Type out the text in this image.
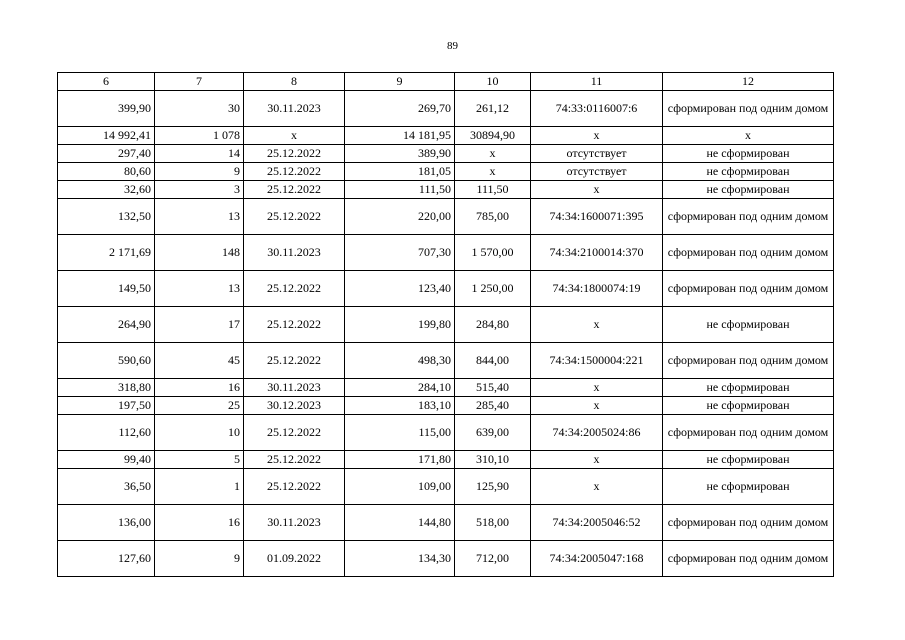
89
6	7	8	9	10	11	12
399,90	30	30.11.2023	269,70	261,12	74:33:0116007:6	сформирован под одним домом
14 992,41	1 078	x	14 181,95	30894,90	x	x
297,40	14	25.12.2022	389,90	x	отсутствует	не сформирован
80,60	9	25.12.2022	181,05	x	отсутствует	не сформирован
32,60	3	25.12.2022	111,50	111,50	x	не сформирован
132,50	13	25.12.2022	220,00	785,00	74:34:1600071:395	сформирован под одним домом
2 171,69	148	30.11.2023	707,30	1 570,00	74:34:2100014:370	сформирован под одним домом
149,50	13	25.12.2022	123,40	1 250,00	74:34:1800074:19	сформирован под одним домом
264,90	17	25.12.2022	199,80	284,80	x	не сформирован
590,60	45	25.12.2022	498,30	844,00	74:34:1500004:221	сформирован под одним домом
318,80	16	30.11.2023	284,10	515,40	x	не сформирован
197,50	25	30.12.2023	183,10	285,40	x	не сформирован
112,60	10	25.12.2022	115,00	639,00	74:34:2005024:86	сформирован под одним домом
99,40	5	25.12.2022	171,80	310,10	x	не сформирован
36,50	1	25.12.2022	109,00	125,90	x	не сформирован
136,00	16	30.11.2023	144,80	518,00	74:34:2005046:52	сформирован под одним домом
127,60	9	01.09.2022	134,30	712,00	74:34:2005047:168	сформирован под одним домом
